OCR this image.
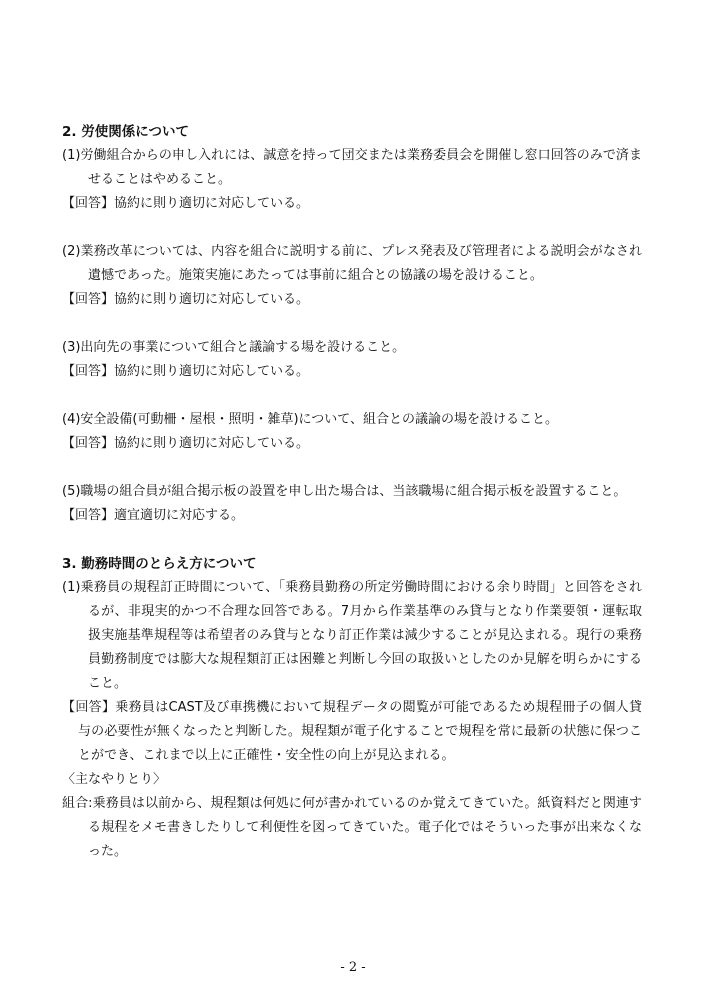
2. 労使関係について

(1)労働組合からの申し入れには、誠意を持って団交または業務委員会を開催し窓口回答のみで済ませることはやめること。

【回答】協約に則り適切に対応している。

(2)業務改革については、内容を組合に説明する前に、プレス発表及び管理者による説明会がなされ遺憾であった。施策実施にあたっては事前に組合との協議の場を設けること。

【回答】協約に則り適切に対応している。

(3)出向先の事業について組合と議論する場を設けること。

【回答】協約に則り適切に対応している。

(4)安全設備(可動柵・屋根・照明・雑草)について、組合との議論の場を設けること。

【回答】協約に則り適切に対応している。

(5)職場の組合員が組合掲示板の設置を申し出た場合は、当該職場に組合掲示板を設置すること。

【回答】適宜適切に対応する。

3. 勤務時間のとらえ方について

(1)乗務員の規程訂正時間について、「乗務員勤務の所定労働時間における余り時間」と回答をされるが、非現実的かつ不合理な回答である。7月から作業基準のみ貸与となり作業要領・運転取扱実施基準規程等は希望者のみ貸与となり訂正作業は減少することが見込まれる。現行の乗務員勤務制度では膨大な規程類訂正は困難と判断し今回の取扱いとしたのか見解を明らかにすること。

【回答】乗務員はCAST及び車携機において規程データの閲覧が可能であるため規程冊子の個人貸与の必要性が無くなったと判断した。規程類が電子化することで規程を常に最新の状態に保つことができ、これまで以上に正確性・安全性の向上が見込まれる。

〈主なやりとり〉

組合:乗務員は以前から、規程類は何処に何が書かれているのか覚えてきていた。紙資料だと関連する規程をメモ書きしたりして利便性を図ってきていた。電子化ではそういった事が出来なくなった。

- 2 -
